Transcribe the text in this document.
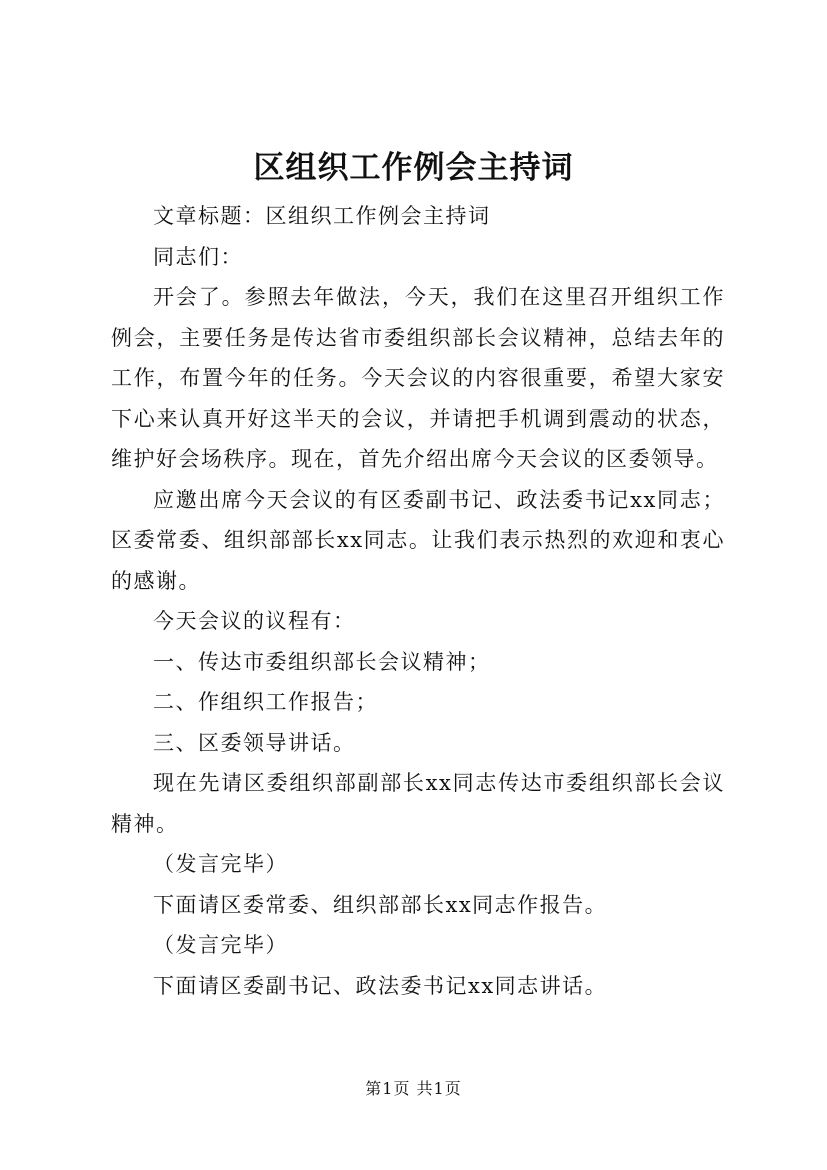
区组织工作例会主持词

文章标题：区组织工作例会主持词

同志们：

开会了。参照去年做法，今天，我们在这里召开组织工作例会，主要任务是传达省市委组织部长会议精神，总结去年的工作，布置今年的任务。今天会议的内容很重要，希望大家安下心来认真开好这半天的会议，并请把手机调到震动的状态，维护好会场秩序。现在，首先介绍出席今天会议的区委领导。

应邀出席今天会议的有区委副书记、政法委书记xx同志；区委常委、组织部部长xx同志。让我们表示热烈的欢迎和衷心的感谢。

今天会议的议程有：

一、传达市委组织部长会议精神；

二、作组织工作报告；

三、区委领导讲话。

现在先请区委组织部副部长xx同志传达市委组织部长会议精神。

（发言完毕）

下面请区委常委、组织部部长xx同志作报告。

（发言完毕）

下面请区委副书记、政法委书记xx同志讲话。

第1页 共1页
